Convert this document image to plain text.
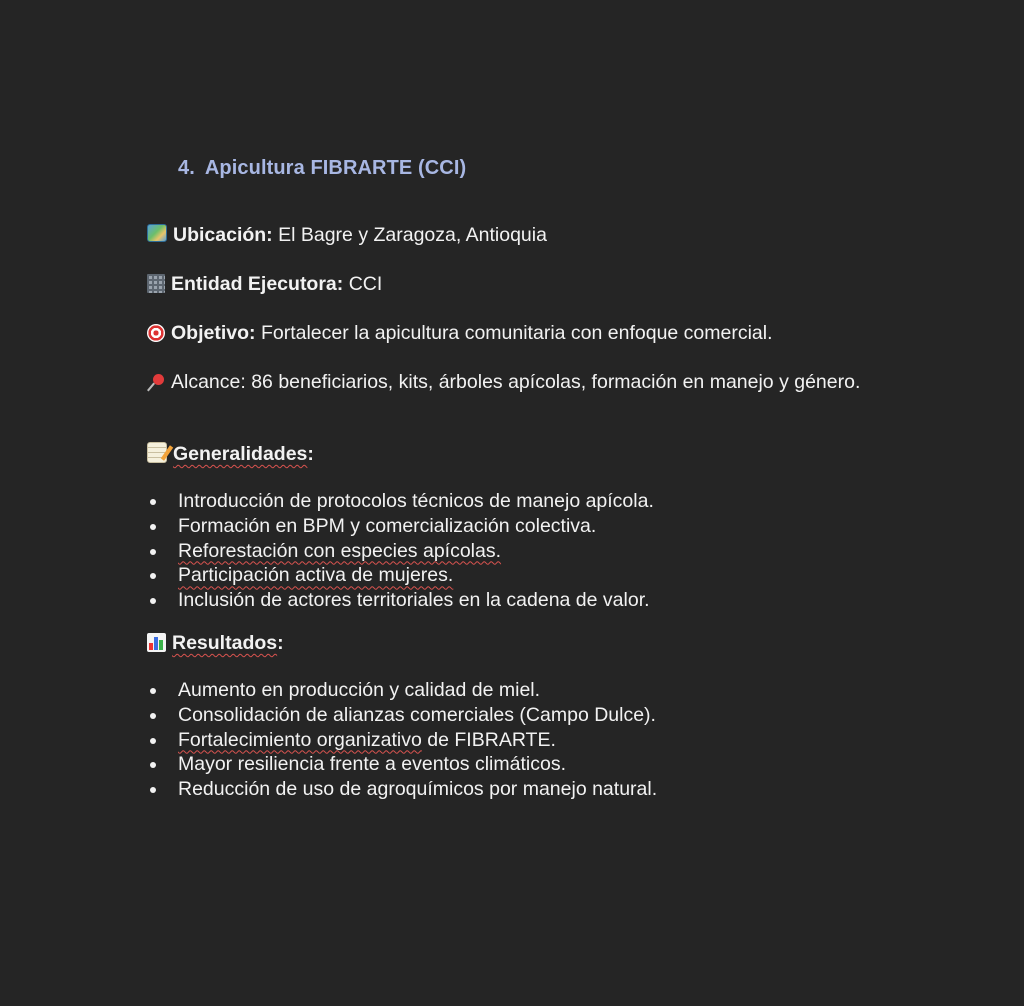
4. Apicultura FIBRARTE (CCI)
Ubicación: El Bagre y Zaragoza, Antioquia
Entidad Ejecutora: CCI
Objetivo: Fortalecer la apicultura comunitaria con enfoque comercial.
Alcance: 86 beneficiarios, kits, árboles apícolas, formación en manejo y género.
Generalidades:
Introducción de protocolos técnicos de manejo apícola.
Formación en BPM y comercialización colectiva.
Reforestación con especies apícolas.
Participación activa de mujeres.
Inclusión de actores territoriales en la cadena de valor.
Resultados:
Aumento en producción y calidad de miel.
Consolidación de alianzas comerciales (Campo Dulce).
Fortalecimiento organizativo de FIBRARTE.
Mayor resiliencia frente a eventos climáticos.
Reducción de uso de agroquímicos por manejo natural.
